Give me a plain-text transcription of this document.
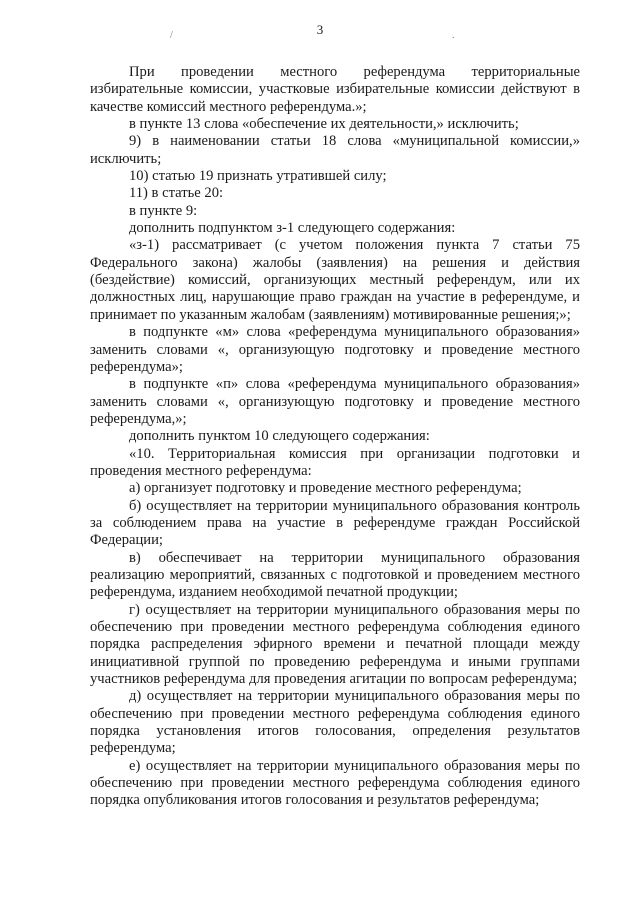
3
/	.

При проведении местного референдума территориальные избирательные комиссии, участковые избирательные комиссии действуют в качестве комиссий местного референдума.»;

в пункте 13 слова «обеспечение их деятельности,» исключить;

9) в наименовании статьи 18 слова «муниципальной комиссии,» исключить;

10) статью 19 признать утратившей силу;

11) в статье 20:

в пункте 9:

дополнить подпунктом з-1 следующего содержания:

«з-1) рассматривает (с учетом положения пункта 7 статьи 75 Федерального закона) жалобы (заявления) на решения и действия (бездействие) комиссий, организующих местный референдум, или их должностных лиц, нарушающие право граждан на участие в референдуме, и принимает по указанным жалобам (заявлениям) мотивированные решения;»;

в подпункте «м» слова «референдума муниципального образования» заменить словами «, организующую подготовку и проведение местного референдума»;

в подпункте «п» слова «референдума муниципального образования» заменить словами «, организующую подготовку и проведение местного референдума,»;

дополнить пунктом 10 следующего содержания:

«10. Территориальная комиссия при организации подготовки и проведения местного референдума:

а) организует подготовку и проведение местного референдума;

б) осуществляет на территории муниципального образования контроль за соблюдением права на участие в референдуме граждан Российской Федерации;

в) обеспечивает на территории муниципального образования реализацию мероприятий, связанных с подготовкой и проведением местного референдума, изданием необходимой печатной продукции;

г) осуществляет на территории муниципального образования меры по обеспечению при проведении местного референдума соблюдения единого порядка распределения эфирного времени и печатной площади между инициативной группой по проведению референдума и иными группами участников референдума для проведения агитации по вопросам референдума;

д) осуществляет на территории муниципального образования меры по обеспечению при проведении местного референдума соблюдения единого порядка установления итогов голосования, определения результатов референдума;

е) осуществляет на территории муниципального образования меры по обеспечению при проведении местного референдума соблюдения единого порядка опубликования итогов голосования и результатов референдума;
